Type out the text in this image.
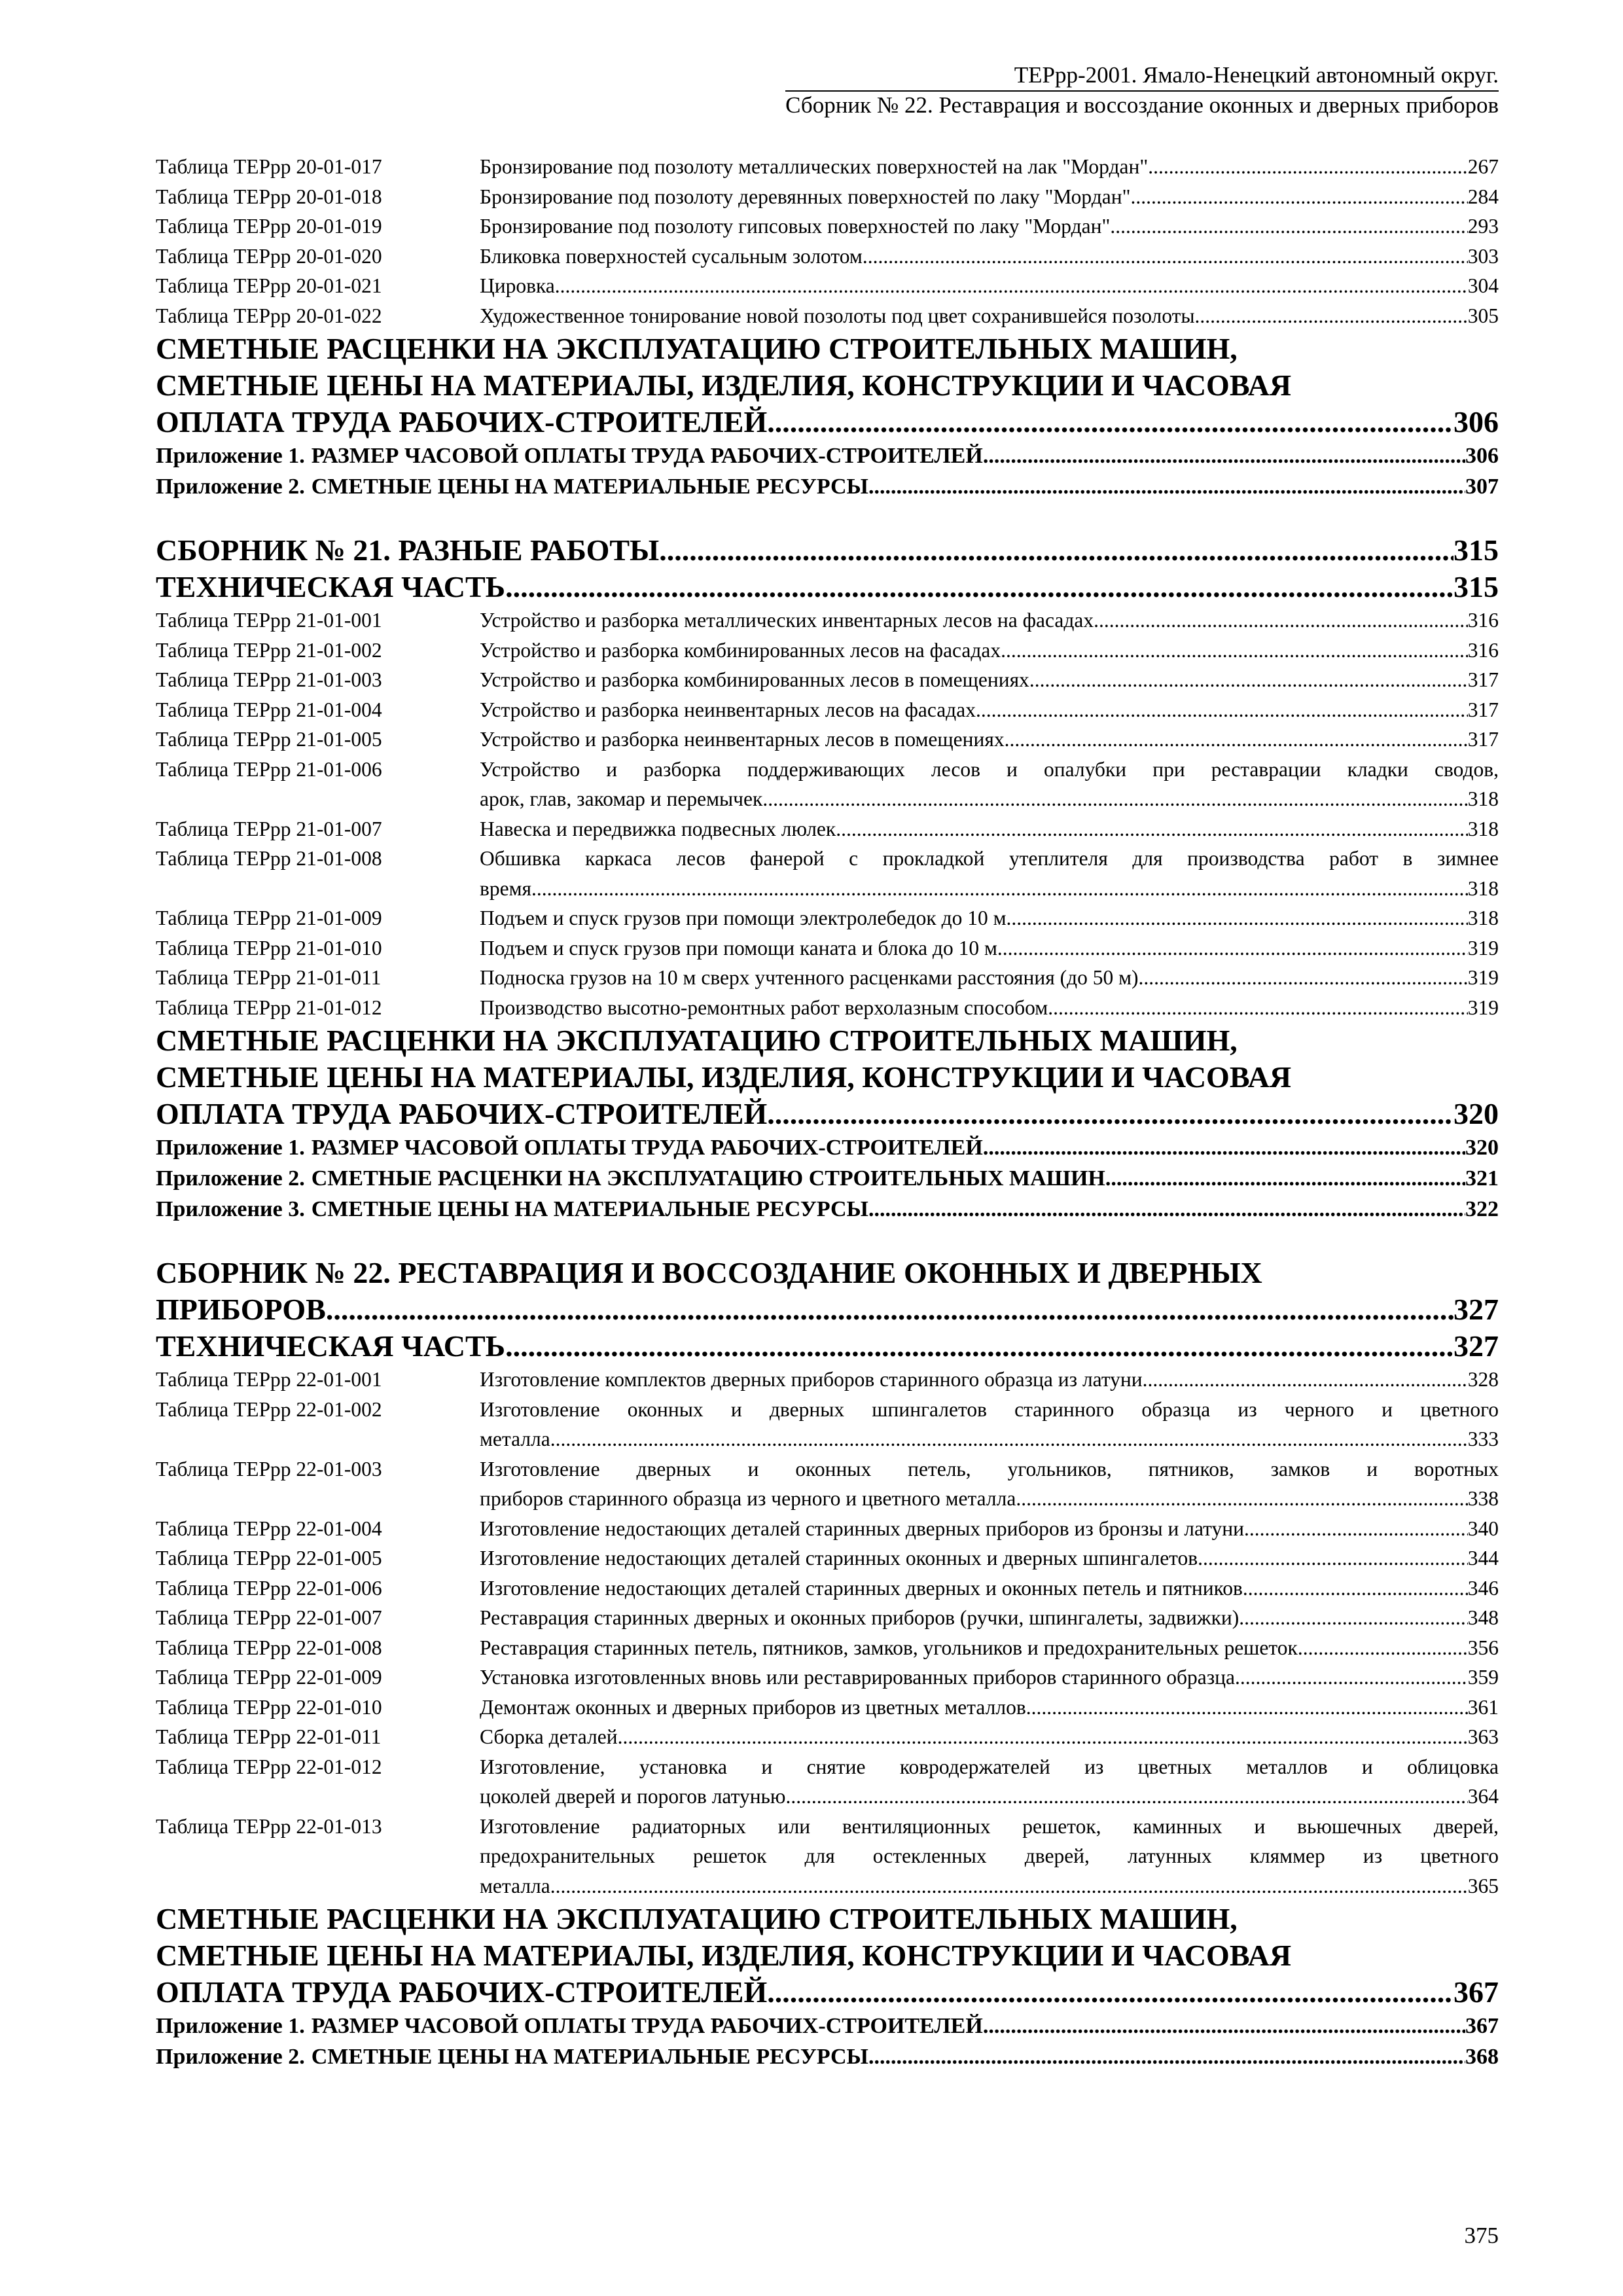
ТЕРрр-2001. Ямало-Ненецкий автономный округ.
Сборник № 22. Реставрация и воссоздание оконных и дверных приборов
Таблица ТЕРрр 20-01-017	Бронзирование под позолоту металлических поверхностей на лак "Мордан" .....	267
Таблица ТЕРрр 20-01-018	Бронзирование под позолоту деревянных поверхностей по лаку "Мордан" .....	284
Таблица ТЕРрр 20-01-019	Бронзирование под позолоту гипсовых поверхностей по лаку "Мордан" .....	293
Таблица ТЕРрр 20-01-020	Бликовка поверхностей сусальным золотом .....	303
Таблица ТЕРрр 20-01-021	Цировка .....	304
Таблица ТЕРрр 20-01-022	Художественное тонирование новой позолоты под цвет сохранившейся позолоты .....	305
СМЕТНЫЕ РАСЦЕНКИ НА ЭКСПЛУАТАЦИЮ СТРОИТЕЛЬНЫХ МАШИН,
СМЕТНЫЕ ЦЕНЫ НА МАТЕРИАЛЫ, ИЗДЕЛИЯ, КОНСТРУКЦИИ И ЧАСОВАЯ
ОПЛАТА ТРУДА РАБОЧИХ-СТРОИТЕЛЕЙ .....	306
Приложение 1. РАЗМЕР ЧАСОВОЙ ОПЛАТЫ ТРУДА РАБОЧИХ-СТРОИТЕЛЕЙ .....	306
Приложение 2. СМЕТНЫЕ ЦЕНЫ НА МАТЕРИАЛЬНЫЕ РЕСУРСЫ .....	307
СБОРНИК № 21. РАЗНЫЕ РАБОТЫ .....	315
ТЕХНИЧЕСКАЯ ЧАСТЬ .....	315
Таблица ТЕРрр 21-01-001	Устройство и разборка металлических инвентарных лесов на фасадах .....	316
Таблица ТЕРрр 21-01-002	Устройство и разборка комбинированных лесов на фасадах .....	316
Таблица ТЕРрр 21-01-003	Устройство и разборка комбинированных лесов в помещениях .....	317
Таблица ТЕРрр 21-01-004	Устройство и разборка неинвентарных лесов на фасадах .....	317
Таблица ТЕРрр 21-01-005	Устройство и разборка неинвентарных лесов в помещениях .....	317
Таблица ТЕРрр 21-01-006	Устройство и разборка поддерживающих лесов и опалубки при реставрации кладки сводов,
арок, глав, закомар и перемычек .....	318
Таблица ТЕРрр 21-01-007	Навеска и передвижка подвесных люлек .....	318
Таблица ТЕРрр 21-01-008	Обшивка каркаса лесов фанерой с прокладкой утеплителя для производства работ в зимнее
время .....	318
Таблица ТЕРрр 21-01-009	Подъем и спуск грузов при помощи электролебедок до 10 м. .....	318
Таблица ТЕРрр 21-01-010	Подъем и спуск грузов при помощи каната и блока до 10 м .....	319
Таблица ТЕРрр 21-01-011	Подноска грузов на 10 м сверх учтенного расценками расстояния (до 50 м) .....	319
Таблица ТЕРрр 21-01-012	Производство высотно-ремонтных работ верхолазным способом. .....	319
СМЕТНЫЕ РАСЦЕНКИ НА ЭКСПЛУАТАЦИЮ СТРОИТЕЛЬНЫХ МАШИН,
СМЕТНЫЕ ЦЕНЫ НА МАТЕРИАЛЫ, ИЗДЕЛИЯ, КОНСТРУКЦИИ И ЧАСОВАЯ
ОПЛАТА ТРУДА РАБОЧИХ-СТРОИТЕЛЕЙ .....	320
Приложение 1. РАЗМЕР ЧАСОВОЙ ОПЛАТЫ ТРУДА РАБОЧИХ-СТРОИТЕЛЕЙ .....	320
Приложение 2. СМЕТНЫЕ РАСЦЕНКИ НА ЭКСПЛУАТАЦИЮ СТРОИТЕЛЬНЫХ МАШИН .....	321
Приложение 3. СМЕТНЫЕ ЦЕНЫ НА МАТЕРИАЛЬНЫЕ РЕСУРСЫ .....	322
СБОРНИК № 22. РЕСТАВРАЦИЯ И ВОССОЗДАНИЕ ОКОННЫХ И ДВЕРНЫХ
ПРИБОРОВ .....	327
ТЕХНИЧЕСКАЯ ЧАСТЬ .....	327
Таблица ТЕРрр 22-01-001	Изготовление комплектов дверных приборов старинного образца из латуни .....	328
Таблица ТЕРрр 22-01-002	Изготовление оконных и дверных шпингалетов старинного образца из черного и цветного
металла .....	333
Таблица ТЕРрр 22-01-003	Изготовление дверных и оконных петель, угольников, пятников, замков и воротных
приборов старинного образца из черного и цветного металла .....	338
Таблица ТЕРрр 22-01-004	Изготовление недостающих деталей старинных дверных приборов из бронзы и латуни .....	340
Таблица ТЕРрр 22-01-005	Изготовление недостающих деталей старинных оконных и дверных шпингалетов .....	344
Таблица ТЕРрр 22-01-006	Изготовление недостающих деталей старинных дверных и оконных петель и пятников .....	346
Таблица ТЕРрр 22-01-007	Реставрация старинных дверных и оконных приборов (ручки, шпингалеты, задвижки) .....	348
Таблица ТЕРрр 22-01-008	Реставрация старинных петель, пятников, замков, угольников и предохранительных решеток .....	356
Таблица ТЕРрр 22-01-009	Установка изготовленных вновь или реставрированных приборов старинного образца. .....	359
Таблица ТЕРрр 22-01-010	Демонтаж оконных и дверных приборов из цветных металлов .....	361
Таблица ТЕРрр 22-01-011	Сборка деталей .....	363
Таблица ТЕРрр 22-01-012	Изготовление, установка и снятие ковродержателей из цветных металлов и облицовка
цоколей дверей и порогов латунью .....	364
Таблица ТЕРрр 22-01-013	Изготовление радиаторных или вентиляционных решеток, каминных и вьюшечных дверей,
предохранительных решеток для остекленных дверей, латунных кляммер из цветного
металла .....	365
СМЕТНЫЕ РАСЦЕНКИ НА ЭКСПЛУАТАЦИЮ СТРОИТЕЛЬНЫХ МАШИН,
СМЕТНЫЕ ЦЕНЫ НА МАТЕРИАЛЫ, ИЗДЕЛИЯ, КОНСТРУКЦИИ И ЧАСОВАЯ
ОПЛАТА ТРУДА РАБОЧИХ-СТРОИТЕЛЕЙ .....	367
Приложение 1. РАЗМЕР ЧАСОВОЙ ОПЛАТЫ ТРУДА РАБОЧИХ-СТРОИТЕЛЕЙ .....	367
Приложение 2. СМЕТНЫЕ ЦЕНЫ НА МАТЕРИАЛЬНЫЕ РЕСУРСЫ .....	368
375
